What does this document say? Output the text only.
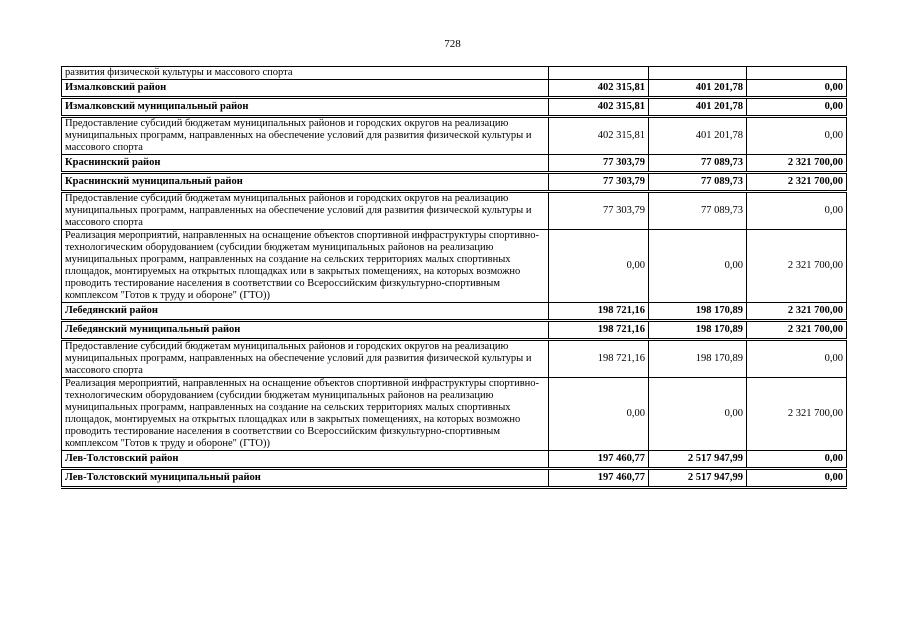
728
развития физической культуры и массового спорта			
Измалковский район	402 315,81	401 201,78	0,00
Измалковский муниципальный район	402 315,81	401 201,78	0,00
Предоставление субсидий бюджетам муниципальных районов и городских округов на реализацию муниципальных программ, направленных на обеспечение условий для развития физической культуры и массового спорта	402 315,81	401 201,78	0,00
Краснинский район	77 303,79	77 089,73	2 321 700,00
Краснинский муниципальный район	77 303,79	77 089,73	2 321 700,00
Предоставление субсидий бюджетам муниципальных районов и городских округов на реализацию муниципальных программ, направленных на обеспечение условий для развития физической культуры и массового спорта	77 303,79	77 089,73	0,00
Реализация мероприятий, направленных на оснащение объектов спортивной инфраструктуры спортивно-технологическим оборудованием (субсидии бюджетам муниципальных районов на реализацию муниципальных программ, направленных на создание на сельских территориях малых спортивных площадок, монтируемых на открытых площадках или в закрытых помещениях, на которых возможно проводить тестирование населения в соответствии со Всероссийским физкультурно-спортивным комплексом "Готов к труду и обороне" (ГТО))	0,00	0,00	2 321 700,00
Лебедянский район	198 721,16	198 170,89	2 321 700,00
Лебедянский муниципальный район	198 721,16	198 170,89	2 321 700,00
Предоставление субсидий бюджетам муниципальных районов и городских округов на реализацию муниципальных программ, направленных на обеспечение условий для развития физической культуры и массового спорта	198 721,16	198 170,89	0,00
Реализация мероприятий, направленных на оснащение объектов спортивной инфраструктуры спортивно-технологическим оборудованием (субсидии бюджетам муниципальных районов на реализацию муниципальных программ, направленных на создание на сельских территориях малых спортивных площадок, монтируемых на открытых площадках или в закрытых помещениях, на которых возможно проводить тестирование населения в соответствии со Всероссийским физкультурно-спортивным комплексом "Готов к труду и обороне" (ГТО))	0,00	0,00	2 321 700,00
Лев-Толстовский район	197 460,77	2 517 947,99	0,00
Лев-Толстовский муниципальный район	197 460,77	2 517 947,99	0,00
